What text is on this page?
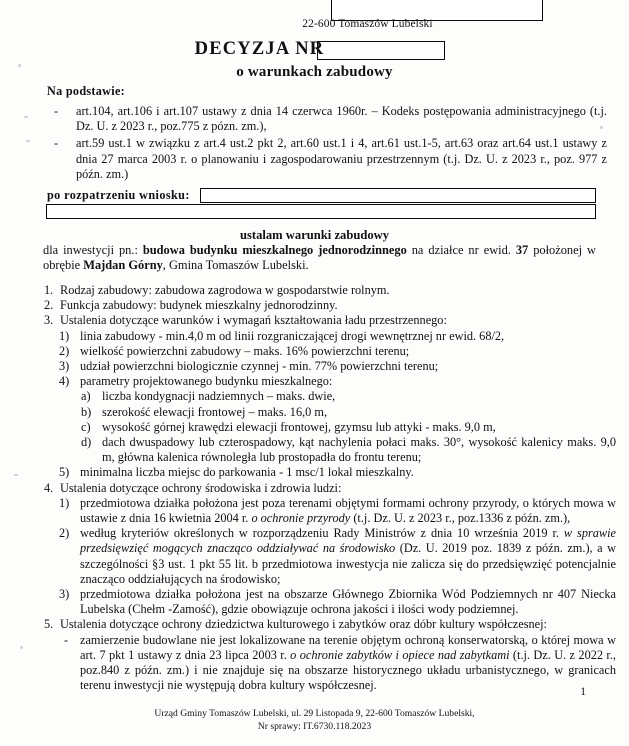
22-600 Tomaszów Lubelski
DECYZJA NR
o warunkach zabudowy
Na podstawie:
- art.104, art.106 i art.107 ustawy z dnia 14 czerwca 1960r. – Kodeks postępowania administracyjnego (t.j. Dz. U. z 2023 r., poz.775 z pózn. zm.),
- art.59 ust.1 w związku z art.4 ust.2 pkt 2, art.60 ust.1 i 4, art.61 ust.1-5, art.63 oraz art.64 ust.1 ustawy z dnia 27 marca 2003 r. o planowaniu i zagospodarowaniu przestrzennym (t.j. Dz. U. z 2023 r., poz. 977 z późn. zm.)
po rozpatrzeniu wniosku:
ustalam warunki zabudowy
dla inwestycji pn.: budowa budynku mieszkalnego jednorodzinnego na działce nr ewid. 37 położonej w obrębie Majdan Górny, Gmina Tomaszów Lubelski.
1. Rodzaj zabudowy: zabudowa zagrodowa w gospodarstwie rolnym.
2. Funkcja zabudowy: budynek mieszkalny jednorodzinny.
3. Ustalenia dotyczące warunków i wymagań kształtowania ładu przestrzennego:
1) linia zabudowy - min.4,0 m od linii rozgraniczającej drogi wewnętrznej nr ewid. 68/2,
2) wielkość powierzchni zabudowy – maks. 16% powierzchni terenu;
3) udział powierzchni biologicznie czynnej - min. 77% powierzchni terenu;
4) parametry projektowanego budynku mieszkalnego:
a) liczba kondygnacji nadziemnych – maks. dwie,
b) szerokość elewacji frontowej – maks. 16,0 m,
c) wysokość górnej krawędzi elewacji frontowej, gzymsu lub attyki - maks. 9,0 m,
d) dach dwuspadowy lub czterospadowy, kąt nachylenia połaci maks. 30°, wysokość kalenicy maks. 9,0 m, główna kalenica równoległa lub prostopadła do frontu terenu;
5) minimalna liczba miejsc do parkowania - 1 msc/1 lokal mieszkalny.
4. Ustalenia dotyczące ochrony środowiska i zdrowia ludzi:
1) przedmiotowa działka położona jest poza terenami objętymi formami ochrony przyrody, o których mowa w ustawie z dnia 16 kwietnia 2004 r. o ochronie przyrody (t.j. Dz. U. z 2023 r., poz.1336 z późn. zm.),
2) według kryteriów określonych w rozporządzeniu Rady Ministrów z dnia 10 września 2019 r. w sprawie przedsięwzięć mogących znacząco oddziaływać na środowisko (Dz. U. 2019 poz. 1839 z późn. zm.), a w szczególności §3 ust. 1 pkt 55 lit. b przedmiotowa inwestycja nie zalicza się do przedsięwzięć potencjalnie znacząco oddziałujących na środowisko;
3) przedmiotowa działka położona jest na obszarze Głównego Zbiornika Wód Podziemnych nr 407 Niecka Lubelska (Chełm -Zamość), gdzie obowiązuje ochrona jakości i ilości wody podziemnej.
5. Ustalenia dotyczące ochrony dziedzictwa kulturowego i zabytków oraz dóbr kultury współczesnej:
- zamierzenie budowlane nie jest lokalizowane na terenie objętym ochroną konserwatorską, o której mowa w art. 7 pkt 1 ustawy z dnia 23 lipca 2003 r. o ochronie zabytków i opiece nad zabytkami (t.j. Dz. U. z 2022 r., poz.840 z późn. zm.) i nie znajduje się na obszarze historycznego układu urbanistycznego, w granicach terenu inwestycji nie występują dobra kultury współczesnej.	1
Urząd Gminy Tomaszów Lubelski, ul. 29 Listopada 9, 22-600 Tomaszów Lubelski,
Nr sprawy: IT.6730.118.2023
